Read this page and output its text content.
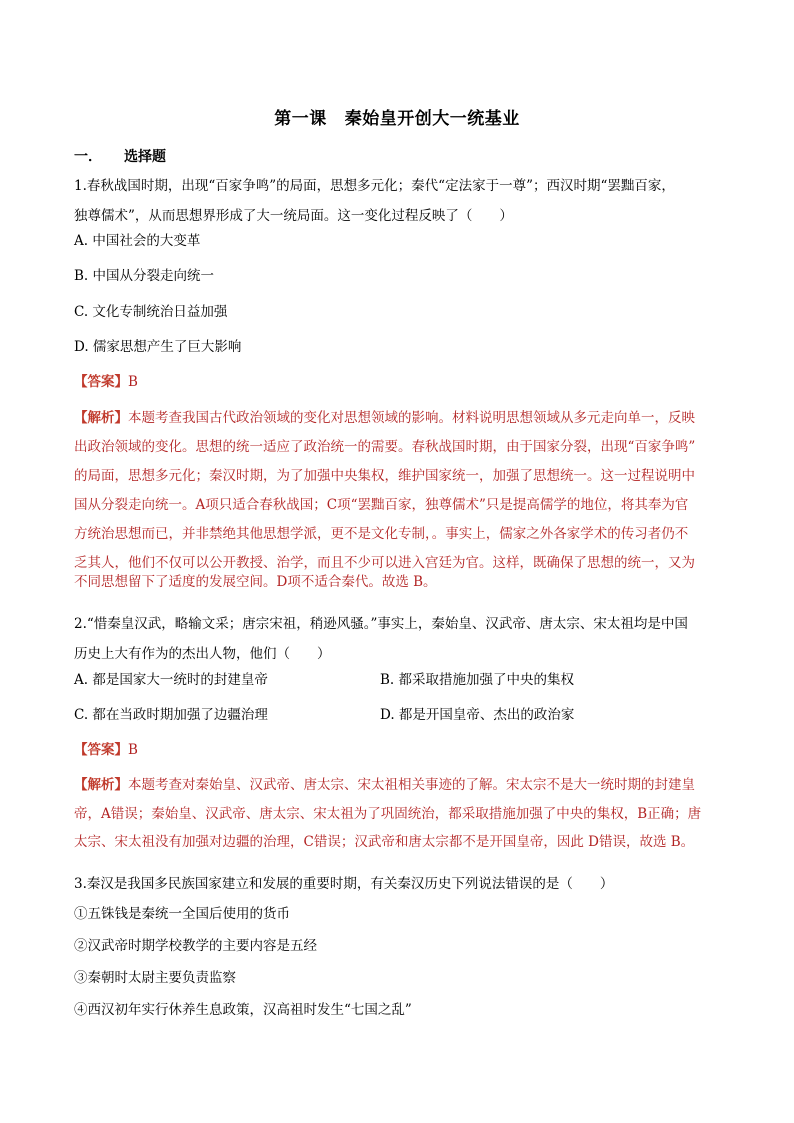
第一课 秦始皇开创大一统基业
一． 选择题
1.春秋战国时期，出现“百家争鸣”的局面，思想多元化；秦代“定法家于一尊”；西汉时期“罢黜百家，
独尊儒术”，从而思想界形成了大一统局面。这一变化过程反映了（　　）
A. 中国社会的大变革
B. 中国从分裂走向统一
C. 文化专制统治日益加强
D. 儒家思想产生了巨大影响
【答案】B
【解析】本题考查我国古代政治领域的变化对思想领域的影响。材料说明思想领域从多元走向单一，反映
出政治领域的变化。思想的统一适应了政治统一的需要。春秋战国时期，由于国家分裂，出现“百家争鸣”
的局面，思想多元化；秦汉时期，为了加强中央集权，维护国家统一，加强了思想统一。这一过程说明中
国从分裂走向统一。A项只适合春秋战国；C项“罢黜百家，独尊儒术”只是提高儒学的地位，将其奉为官
方统治思想而已，并非禁绝其他思想学派，更不是文化专制，。事实上，儒家之外各家学术的传习者仍不
乏其人，他们不仅可以公开教授、治学，而且不少可以进入宫廷为官。这样，既确保了思想的统一，又为
不同思想留下了适度的发展空间。D项不适合秦代。故选 B。
2.“惜秦皇汉武，略输文采；唐宗宋祖，稍逊风骚。”事实上，秦始皇、汉武帝、唐太宗、宋太祖均是中国
历史上大有作为的杰出人物，他们（　　）
A. 都是国家大一统时的封建皇帝	B. 都采取措施加强了中央的集权
C. 都在当政时期加强了边疆治理	D. 都是开国皇帝、杰出的政治家
【答案】B
【解析】本题考查对秦始皇、汉武帝、唐太宗、宋太祖相关事迹的了解。宋太宗不是大一统时期的封建皇
帝，A错误；秦始皇、汉武帝、唐太宗、宋太祖为了巩固统治，都采取措施加强了中央的集权，B正确；唐
太宗、宋太祖没有加强对边疆的治理，C错误；汉武帝和唐太宗都不是开国皇帝，因此 D错误，故选 B。
3.秦汉是我国多民族国家建立和发展的重要时期，有关秦汉历史下列说法错误的是（　　）
①五铢钱是秦统一全国后使用的货币
②汉武帝时期学校教学的主要内容是五经
③秦朝时太尉主要负责监察
④西汉初年实行休养生息政策，汉高祖时发生“七国之乱”
